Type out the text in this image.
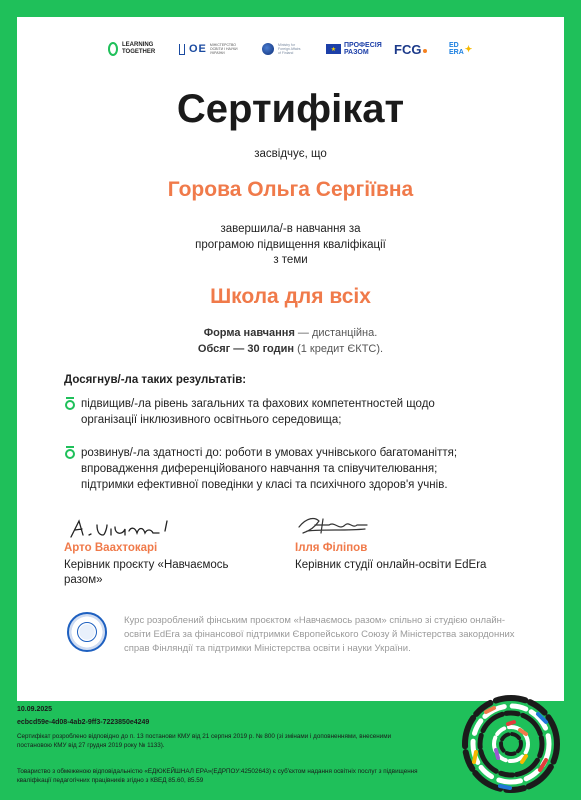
LEARNING
TOGETHER	OE МІНІСТЕРСТВО
ОСВІТИ І НАУКИ
УКРАЇНИ
Ministry for
Foreign Affairs
of Finland
★
ПРОФЕСІЯ
РАЗОМ	FCG	ED
ERA ✦
Сертифікат
засвідчує, що
Горова Ольга Сергіївна
завершила/-в навчання за
програмою підвищення кваліфікації
з теми
Школа для всіх
Форма навчання — дистанційна.
Обсяг — 30 годин (1 кредит ЄКТС).
Досягнув/-ла таких результатів:
підвищив/-ла рівень загальних та фахових компетентностей щодо
організації інклюзивного освітнього середовища;
розвинув/-ла здатності до: роботи в умовах учнівського багатоманіття;
впровадження диференційованого навчання та співучителювання;
підтримки ефективної поведінки у класі та психічного здоров'я учнів.
Арто Ваахтокарі
Керівник проєкту «Навчаємось
разом»
Ілля Філіпов
Керівник студії онлайн-освіти EdEra
Курс розроблений фінським проєктом «Навчаємось разом» спільно зі студією онлайн-освіти EdEra за фінансової підтримки Європейського Союзу й Міністерства закордонних справ Фінляндії та підтримки Міністерства освіти і науки України.
10.09.2025
ecbcd59e-4d08-4ab2-9ff3-7223850e4249
Сертифікат розроблено відповідно до п. 13 постанови КМУ від 21 серпня 2019 р. № 800 (зі змінами і доповненнями, внесеними постановою КМУ від 27 грудня 2019 року № 1133).
Товариство з обмеженою відповідальністю «ЕДЮКЕЙШНАЛ ЕРА»(ЕДРПОУ:42502643) є суб'єктом надання освітніх послуг з підвищення кваліфікації педагогічних працівників згідно з КВЕД 85.60, 85.59
